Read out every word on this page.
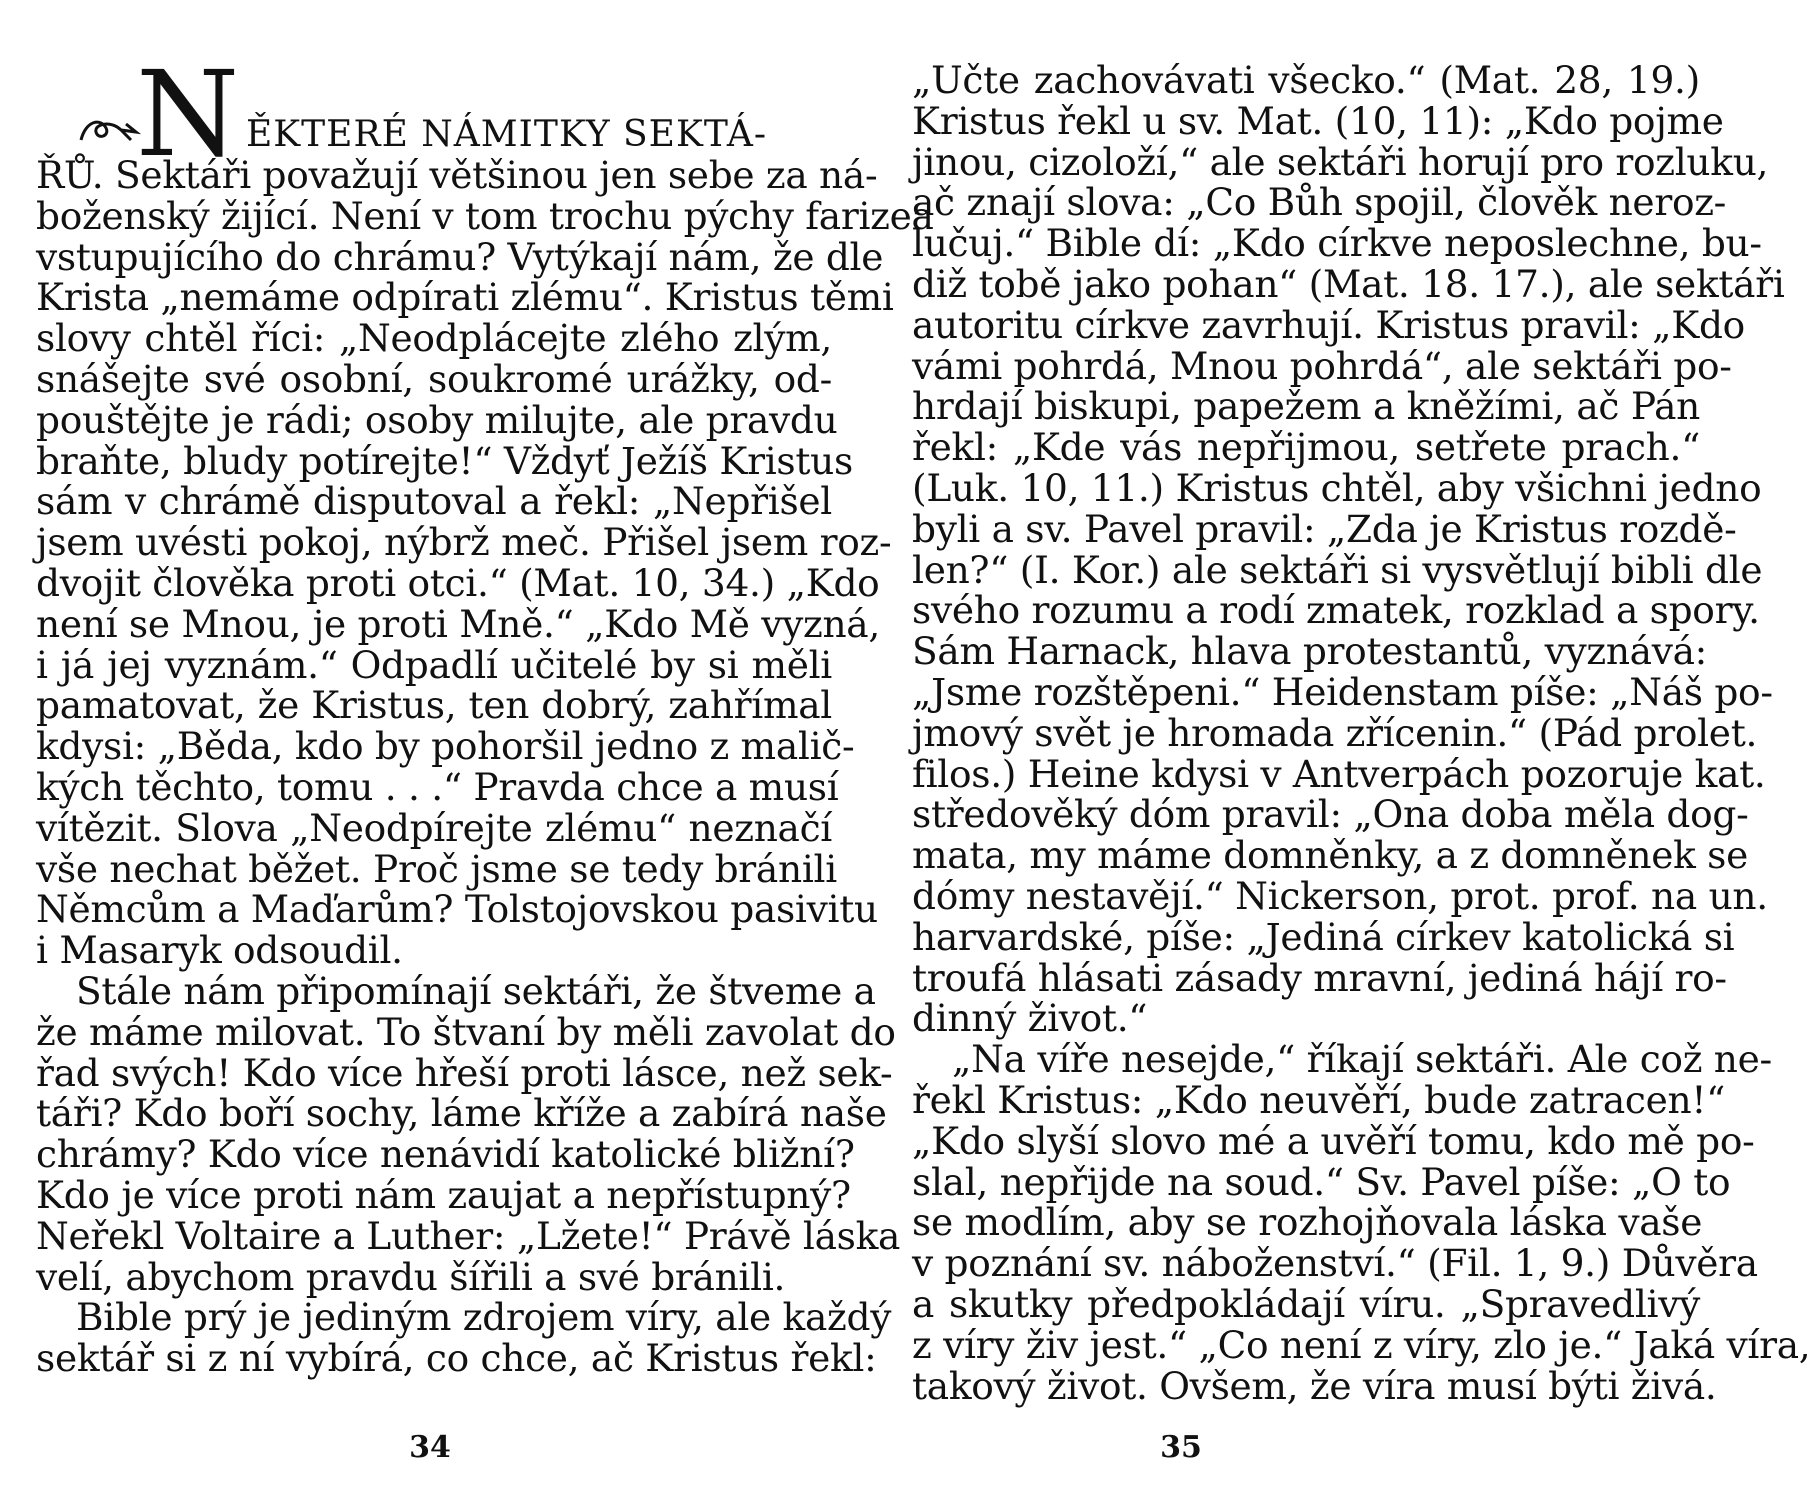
N ĚKTERÉ NÁMITKY SEKTÁ-
ŘŮ. Sektáři považují většinou jen sebe za ná-
boženský žijící. Není v tom trochu pýchy farizea
vstupujícího do chrámu? Vytýkají nám, že dle
Krista „nemáme odpírati zlému“. Kristus těmi
slovy chtěl říci: „Neodplácejte zlého zlým,
snášejte své osobní, soukromé urážky, od-
pouštějte je rádi; osoby milujte, ale pravdu
braňte, bludy potírejte!“ Vždyť Ježíš Kristus
sám v chrámě disputoval a řekl: „Nepřišel
jsem uvésti pokoj, nýbrž meč. Přišel jsem roz-
dvojit člověka proti otci.“ (Mat. 10, 34.) „Kdo
není se Mnou, je proti Mně.“ „Kdo Mě vyzná,
i já jej vyznám.“ Odpadlí učitelé by si měli
pamatovat, že Kristus, ten dobrý, zahřímal
kdysi: „Běda, kdo by pohoršil jedno z malič-
kých těchto, tomu . . .“ Pravda chce a musí
vítězit. Slova „Neodpírejte zlému“ neznačí
vše nechat běžet. Proč jsme se tedy bránili
Němcům a Maďarům? Tolstojovskou pasivitu
i Masaryk odsoudil.
Stále nám připomínají sektáři, že štveme a
že máme milovat. To štvaní by měli zavolat do
řad svých! Kdo více hřeší proti lásce, než sek-
táři? Kdo boří sochy, láme kříže a zabírá naše
chrámy? Kdo více nenávidí katolické bližní?
Kdo je více proti nám zaujat a nepřístupný?
Neřekl Voltaire a Luther: „Lžete!“ Právě láska
velí, abychom pravdu šířili a své bránili.
Bible prý je jediným zdrojem víry, ale každý
sektář si z ní vybírá, co chce, ač Kristus řekl:
34
„Učte zachovávati všecko.“ (Mat. 28, 19.)
Kristus řekl u sv. Mat. (10, 11): „Kdo pojme
jinou, cizoloží,“ ale sektáři horují pro rozluku,
ač znají slova: „Co Bůh spojil, člověk neroz-
lučuj.“ Bible dí: „Kdo církve neposlechne, bu-
diž tobě jako pohan“ (Mat. 18. 17.), ale sektáři
autoritu církve zavrhují. Kristus pravil: „Kdo
vámi pohrdá, Mnou pohrdá“, ale sektáři po-
hrdají biskupi, papežem a kněžími, ač Pán
řekl: „Kde vás nepřijmou, setřete prach.“
(Luk. 10, 11.) Kristus chtěl, aby všichni jedno
byli a sv. Pavel pravil: „Zda je Kristus rozdě-
len?“ (I. Kor.) ale sektáři si vysvětlují bibli dle
svého rozumu a rodí zmatek, rozklad a spory.
Sám Harnack, hlava protestantů, vyznává:
„Jsme rozštěpeni.“ Heidenstam píše: „Náš po-
jmový svět je hromada zřícenin.“ (Pád prolet.
filos.) Heine kdysi v Antverpách pozoruje kat.
středověký dóm pravil: „Ona doba měla dog-
mata, my máme domněnky, a z domněnek se
dómy nestavějí.“ Nickerson, prot. prof. na un.
harvardské, píše: „Jediná církev katolická si
troufá hlásati zásady mravní, jediná hájí ro-
dinný život.“
„Na víře nesejde,“ říkají sektáři. Ale což ne-
řekl Kristus: „Kdo neuvěří, bude zatracen!“
„Kdo slyší slovo mé a uvěří tomu, kdo mě po-
slal, nepřijde na soud.“ Sv. Pavel píše: „O to
se modlím, aby se rozhojňovala láska vaše
v poznání sv. náboženství.“ (Fil. 1, 9.) Důvěra
a skutky předpokládají víru. „Spravedlivý
z víry živ jest.“ „Co není z víry, zlo je.“ Jaká víra,
takový život. Ovšem, že víra musí býti živá.
35
